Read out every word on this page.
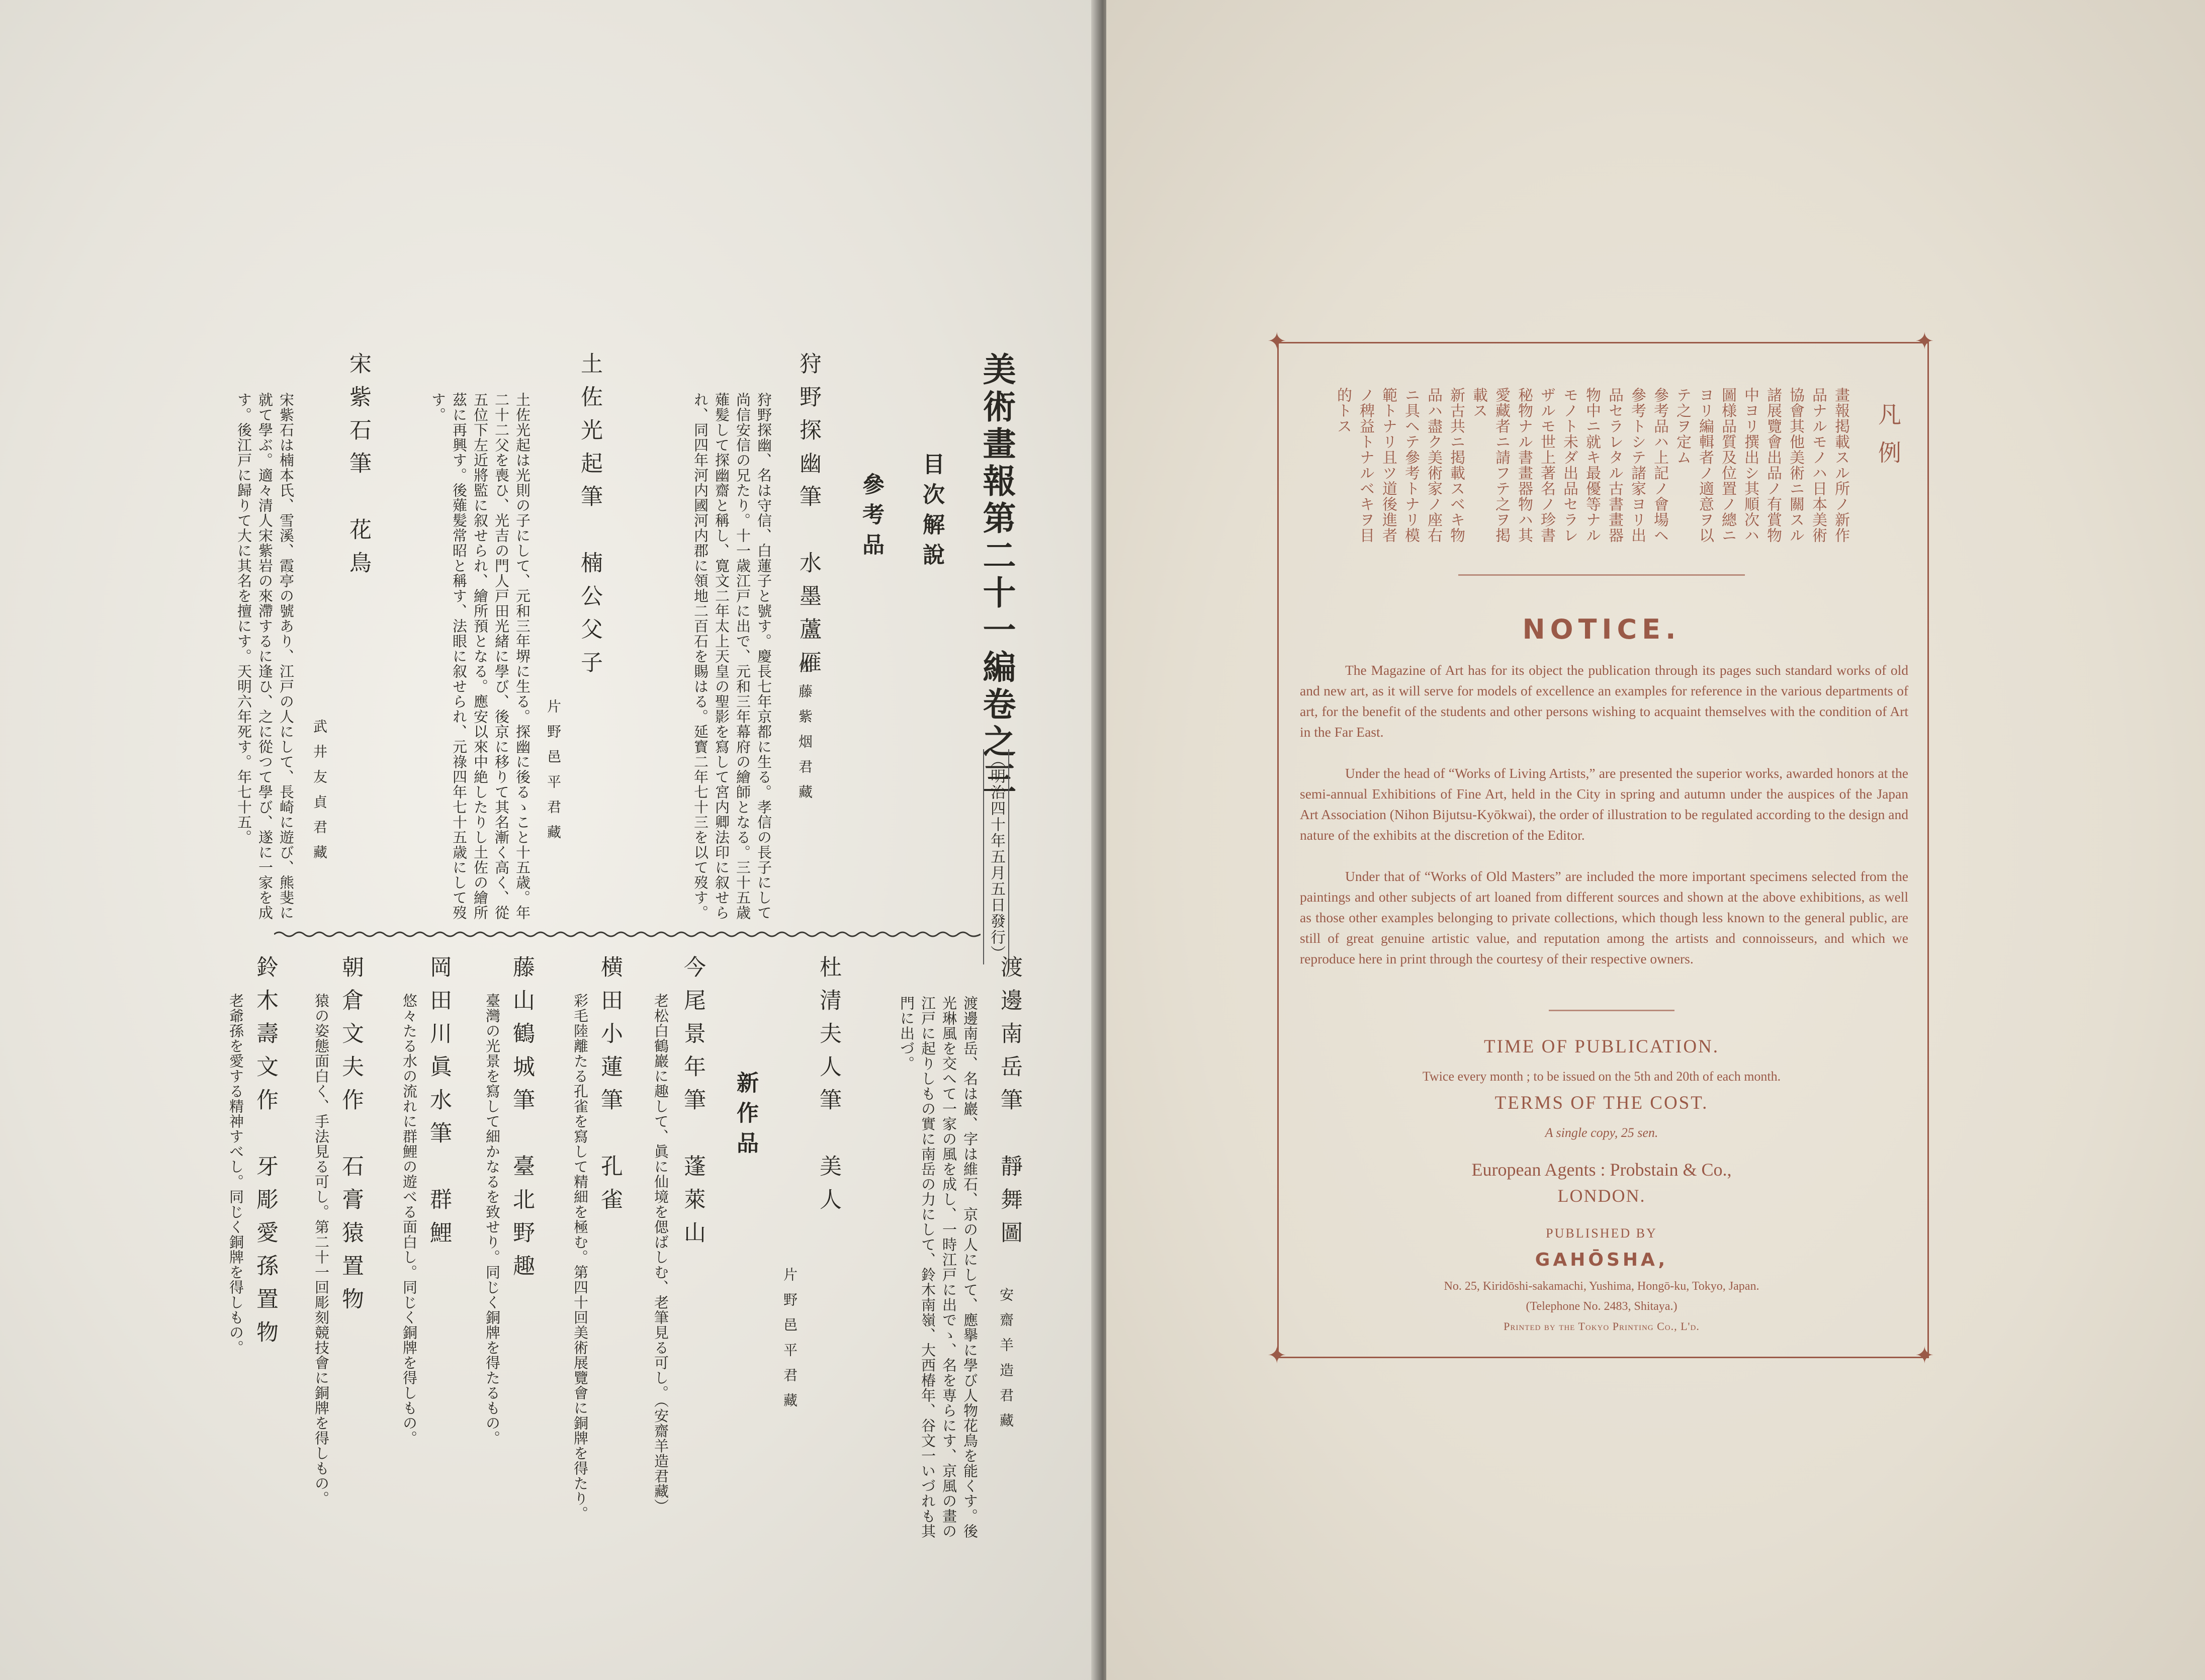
美術畫報第二十一編卷之三
（明治四十年五月五日發行）
目次解說
參考品
狩野探幽筆　水墨蘆雁
佐藤紫烟君藏
狩野探幽、名は守信、白蓮子と號す。慶長七年京都に生る。孝信の長子にして尚信安信の兄たり。十一歳江戸に出で、元和三年幕府の繪師となる。三十五歳薙髪して探幽齋と稱し、寛文二年太上天皇の聖影を寫して宮内卿法印に叙せられ、同四年河内國河内郡に領地二百石を賜はる。延寳二年七十三を以て歿す。
土佐光起筆　楠公父子
片野邑平君藏
土佐光起は光則の子にして、元和三年堺に生る。探幽に後るゝこと十五歳。年二十二父を喪ひ、光吉の門人戸田光緒に學び、後京に移りて其名漸く高く、從五位下左近將監に叙せられ、繪所預となる。應安以來中絶したりし土佐の繪所茲に再興す。後薙髪常昭と稱す、法眼に叙せられ、元祿四年七十五歳にして歿す。
宋紫石筆　花鳥
武井友貞君藏
宋紫石は楠本氏、雪溪、霞亭の號あり、江戸の人にして、長崎に遊び、熊斐に就て學ぶ。適々清人宋紫岩の來滯するに逢ひ、之に從つて學び、遂に一家を成す。後江戸に歸りて大に其名を擅にす。天明六年死す。年七十五。
渡邊南岳筆　靜舞圖
安齋羊造君藏
渡邊南岳、名は巖、字は維石、京の人にして、應擧に學び人物花鳥を能くす。後光琳風を交へて一家の風を成し、一時江戸に出でゝ、名を専らにす、京風の畫の江戸に起りしもの實に南岳の力にして、鈴木南嶺、大西椿年、谷文一いづれも其門に出づ。
杜清夫人筆　美人
片野邑平君藏
新作品
今尾景年筆　蓬萊山
老松白鶴巖に趣して、眞に仙境を偲ばしむ、老筆見る可し。（安齋羊造君藏）
横田小蓮筆　孔雀
彩毛陸離たる孔雀を寫して精細を極む。第四十回美術展覽會に銅牌を得たり。
藤山鶴城筆　臺北野趣
臺灣の光景を寫して細かなるを致せり。同じく銅牌を得たるもの。
岡田川眞水筆　群鯉
悠々たる水の流れに群鯉の遊べる面白し。同じく銅牌を得しもの。
朝倉文夫作　石膏猿置物
猿の姿態面白く、手法見る可し。第二十一回彫刻競技會に銅牌を得しもの。
鈴木壽文作　牙彫愛孫置物
老爺孫を愛する精神すべし。同じく銅牌を得しもの。
✦	✦
✦	✦
凡例
畫報掲載スル所ノ新作
品ナルモノハ日本美術
協會其他美術ニ關スル
諸展覽會出品ノ有賞物
中ヨリ撰出シ其順次ハ
圖様品質及位置ノ總ニ
ヨリ編輯者ノ適意ヲ以
テ之ヲ定ム
參考品ハ上記ノ會場ヘ
參考トシテ諸家ヨリ出
品セラレタル古書畫器
物中ニ就キ最優等ナル
モノト未ダ出品セラレ
ザルモ世上著名ノ珍書
秘物ナル書畫器物ハ其
愛藏者ニ請フテ之ヲ掲
載ス
新古共ニ掲載スベキ物
品ハ盡ク美術家ノ座右
ニ具ヘテ參考トナリ模
範トナリ且ツ道後進者
ノ稗益トナルベキヲ目
的トス
NOTICE.

The Magazine of Art has for its object the publication through its pages such standard works of old and new art, as it will serve for models of excellence an examples for reference in the various departments of art, for the benefit of the students and other persons wishing to acquaint themselves with the condition of Art in the Far East.

Under the head of “Works of Living Artists,” are presented the superior works, awarded honors at the semi-annual Exhibitions of Fine Art, held in the City in spring and autumn under the auspices of the Japan Art Association (Nihon Bijutsu-Kyōkwai), the order of illustration to be regulated according to the design and nature of the exhibits at the discretion of the Editor.

Under that of “Works of Old Masters” are included the more important specimens selected from the paintings and other subjects of art loaned from different sources and shown at the above exhibitions, as well as those other examples belonging to private collections, which though less known to the general public, are still of great genuine artistic value, and reputation among the artists and connoisseurs, and which we reproduce here in print through the courtesy of their respective owners.

TIME OF PUBLICATION.
Twice every month ; to be issued on the 5th and 20th of each month.
TERMS OF THE COST.
A single copy, 25 sen.
European Agents : Probstain & Co.,
LONDON.
PUBLISHED BY
GAHŌSHA,
No. 25, Kiridōshi-sakamachi, Yushima, Hongō-ku, Tokyo, Japan.
(Telephone No. 2483, Shitaya.)
Printed by the Tokyo Printing Co., L'd.
